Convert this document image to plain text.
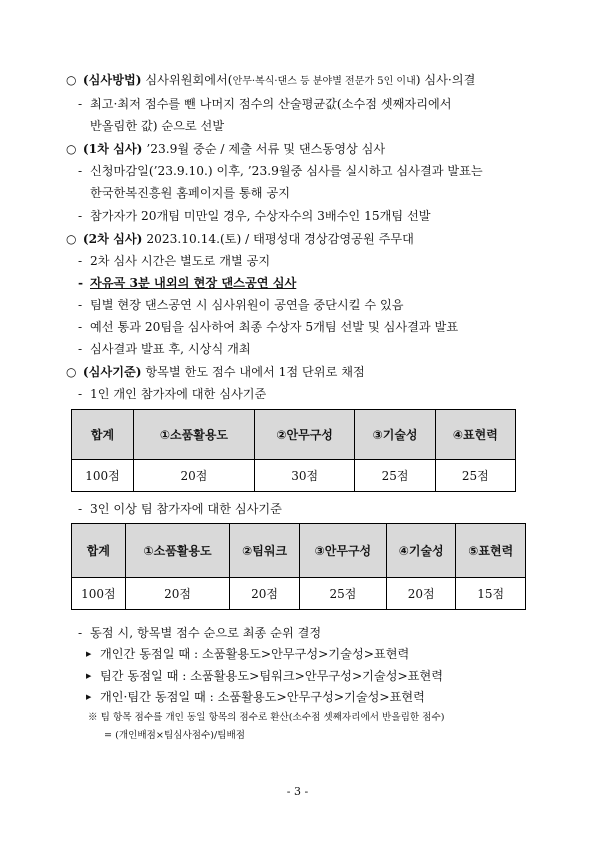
○ (심사방법) 심사위원회에서(안무·복식·댄스 등 분야별 전문가 5인 이내) 심사·의결
- 최고·최저 점수를 뺀 나머지 점수의 산술평균값(소수점 셋째자리에서
반올림한 값) 순으로 선발
○ (1차 심사) ’23.9월 중순 / 제출 서류 및 댄스동영상 심사
- 신청마감일(’23.9.10.) 이후, ’23.9월중 심사를 실시하고 심사결과 발표는
한국한복진흥원 홈페이지를 통해 공지
- 참가자가 20개팀 미만일 경우, 수상자수의 3배수인 15개팀 선발
○ (2차 심사) 2023.10.14.(토) / 태평성대 경상감영공원 주무대
- 2차 심사 시간은 별도로 개별 공지
- 자유곡 3분 내외의 현장 댄스공연 심사
- 팀별 현장 댄스공연 시 심사위원이 공연을 중단시킬 수 있음
- 예선 통과 20팀을 심사하여 최종 수상자 5개팀 선발 및 심사결과 발표
- 심사결과 발표 후, 시상식 개최
○ (심사기준) 항목별 한도 점수 내에서 1점 단위로 채점
- 1인 개인 참가자에 대한 심사기준
합계	①소품활용도	②안무구성	③기술성	④표현력
100점	20점	30점	25점	25점
- 3인 이상 팀 참가자에 대한 심사기준
합계	①소품활용도	②팀워크	③안무구성	④기술성	⑤표현력
100점	20점	20점	25점	20점	15점
- 동점 시, 항목별 점수 순으로 최종 순위 결정
▶ 개인간 동점일 때 : 소품활용도>안무구성>기술성>표현력
▶ 팀간 동점일 때 : 소품활용도>팀워크>안무구성>기술성>표현력
▶ 개인·팀간 동점일 때 : 소품활용도>안무구성>기술성>표현력
※ 팀 항목 점수를 개인 동일 항목의 점수로 환산(소수점 셋째자리에서 반올림한 점수)
= (개인배점×팀심사점수)/팀배점
- 3 -
